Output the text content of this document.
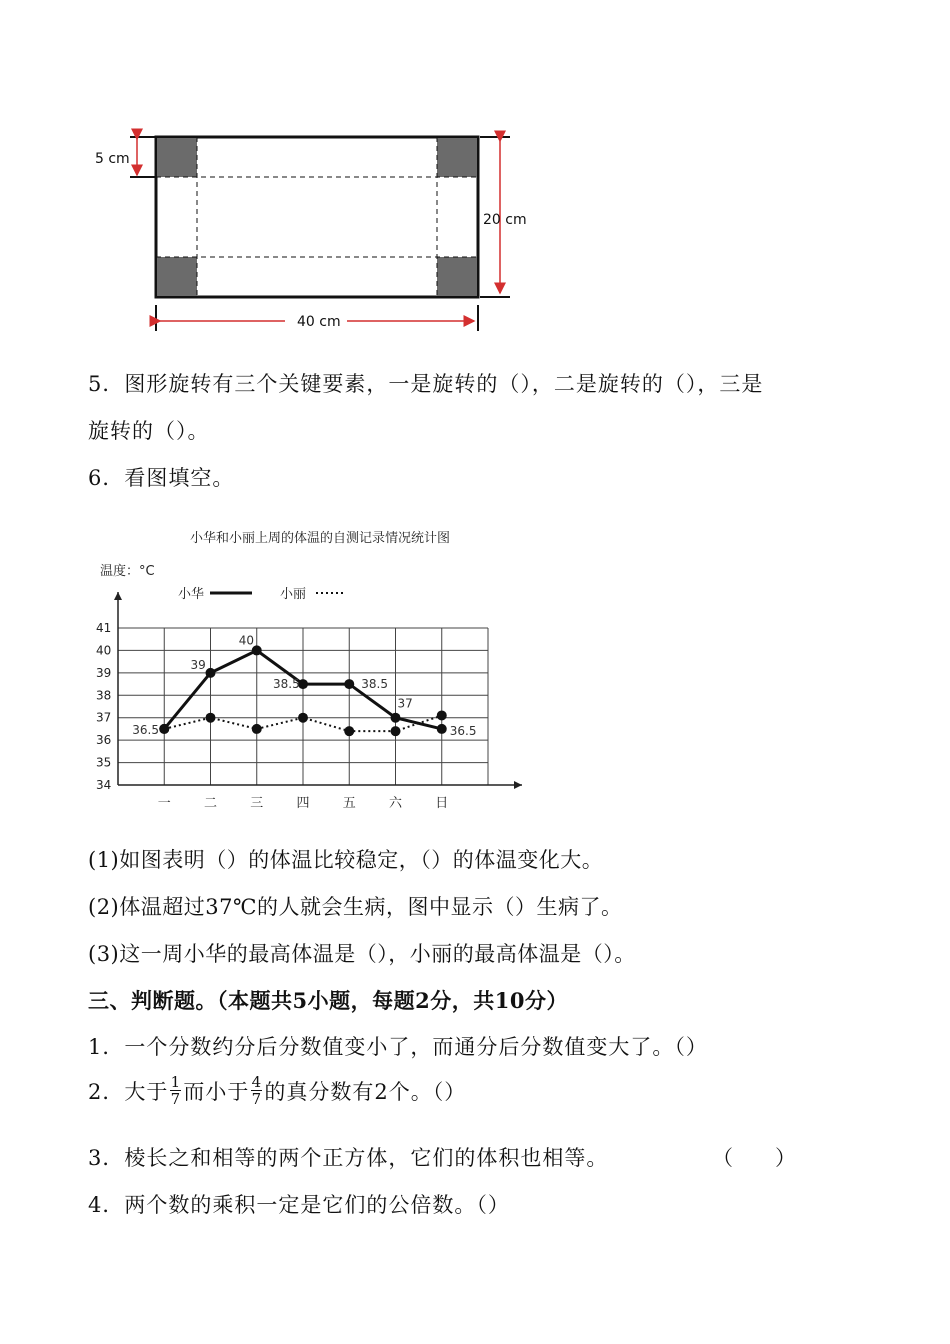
5 cm
20 cm
40 cm
5．图形旋转有三个关键要素，一是旋转的（），二是旋转的（），三是
旋转的（）。
6．看图填空。
小华和小丽上周的体温的自测记录情况统计图
温度：°C
小华	小丽
36.5
39
40
38.5	38.5
37
36.5
34
35
36
37
38
39
40
41
一	二	三	四	五	六	日
(1)如图表明（）的体温比较稳定，（）的体温变化大。
(2)体温超过37℃的人就会生病，图中显示（）生病了。
(3)这一周小华的最高体温是（），小丽的最高体温是（）。
三、判断题。（本题共5小题，每题2分，共10分）
1．一个分数约分后分数值变小了，而通分后分数值变大了。（）
2．大于 $\frac{1}{7}$ 而小于 $\frac{4}{7}$ 的真分数有2个。（）
3．棱长之和相等的两个正方体，它们的体积也相等。	（　　）
4．两个数的乘积一定是它们的公倍数。（）
